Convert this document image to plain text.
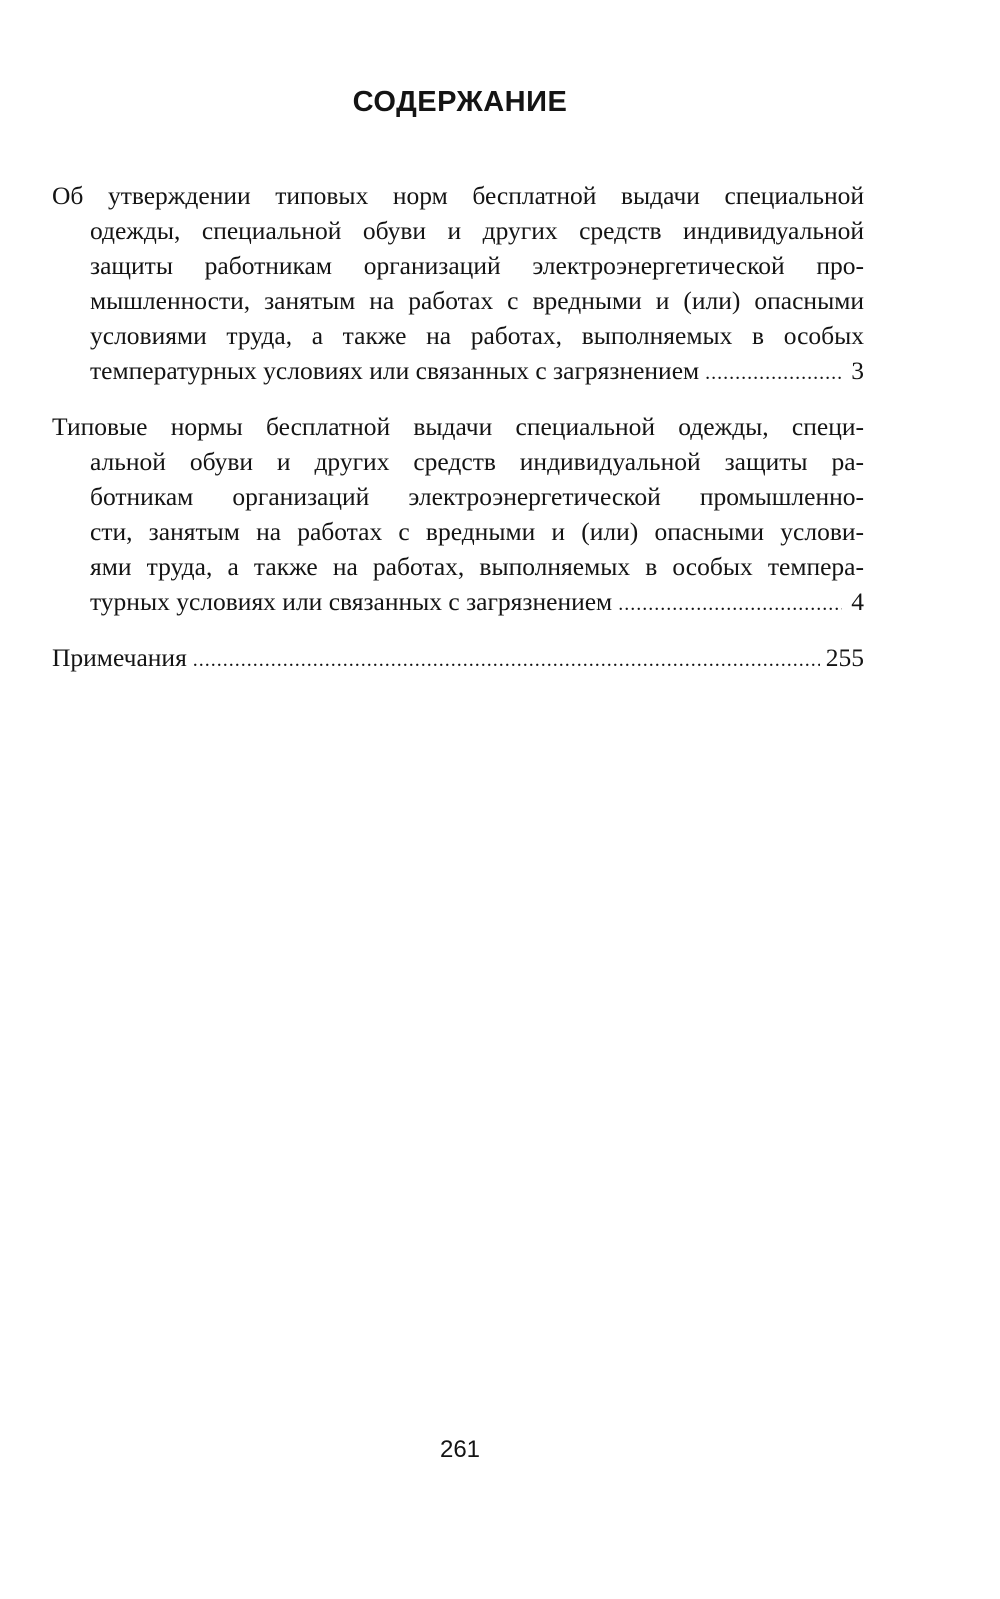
СОДЕРЖАНИЕ
Об утверждении типовых норм бесплатной выдачи специальной
одежды, специальной обуви и других средств индивидуальной
защиты работникам организаций электроэнергетической про-
мышленности, занятым на работах с вредными и (или) опасными
условиями труда, а также на работах, выполняемых в особых
температурных условиях или связанных с загрязнением .....	3
Типовые нормы бесплатной выдачи специальной одежды, специ-
альной обуви и других средств индивидуальной защиты ра-
ботникам организаций электроэнергетической промышленно-
сти, занятым на работах с вредными и (или) опасными услови-
ями труда, а также на работах, выполняемых в особых темпера-
турных условиях или связанных с загрязнением .....	4
Примечания .....	255
261
